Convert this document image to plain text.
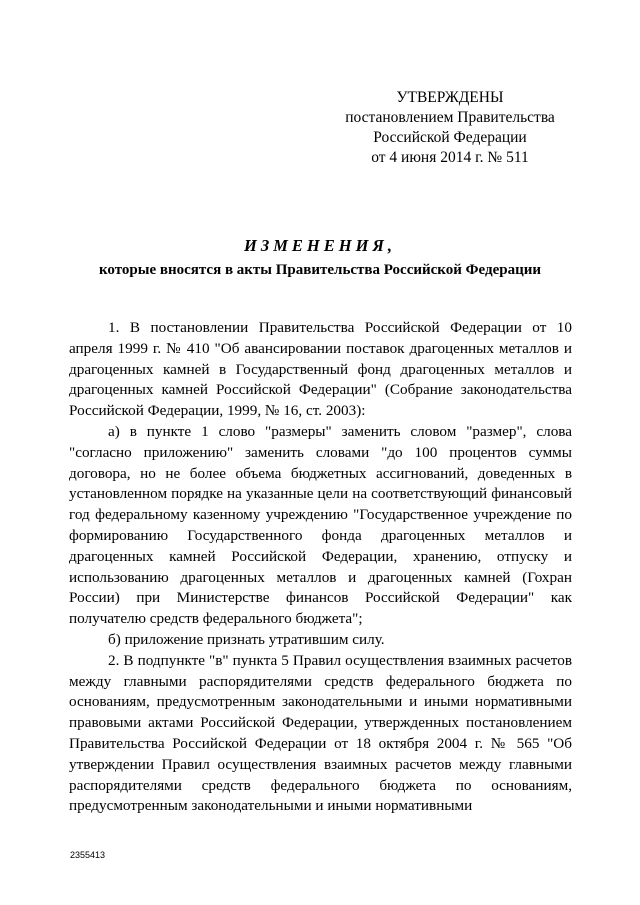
УТВЕРЖДЕНЫ
постановлением Правительства
Российской Федерации
от 4 июня 2014 г. № 511
ИЗМЕНЕНИЯ,
которые вносятся в акты Правительства Российской Федерации

1. В постановлении Правительства Российской Федерации от 10 апреля 1999 г. № 410 "Об авансировании поставок драгоценных металлов и драгоценных камней в Государственный фонд драгоценных металлов и драгоценных камней Российской Федерации" (Собрание законодательства Российской Федерации, 1999, № 16, ст. 2003):

а) в пункте 1 слово "размеры" заменить словом "размер", слова "согласно приложению" заменить словами "до 100 процентов суммы договора, но не более объема бюджетных ассигнований, доведенных в установленном порядке на указанные цели на соответствующий финансовый год федеральному казенному учреждению "Государственное учреждение по формированию Государственного фонда драгоценных металлов и драгоценных камней Российской Федерации, хранению, отпуску и использованию драгоценных металлов и драгоценных камней (Гохран России) при Министерстве финансов Российской Федерации" как получателю средств федерального бюджета";

б) приложение признать утратившим силу.

2. В подпункте "в" пункта 5 Правил осуществления взаимных расчетов между главными распорядителями средств федерального бюджета по основаниям, предусмотренным законодательными и иными нормативными правовыми актами Российской Федерации, утвержденных постановлением Правительства Российской Федерации от 18 октября 2004 г. № 565 "Об утверждении Правил осуществления взаимных расчетов между главными распорядителями средств федерального бюджета по основаниям, предусмотренным законодательными и иными нормативными

2355413
